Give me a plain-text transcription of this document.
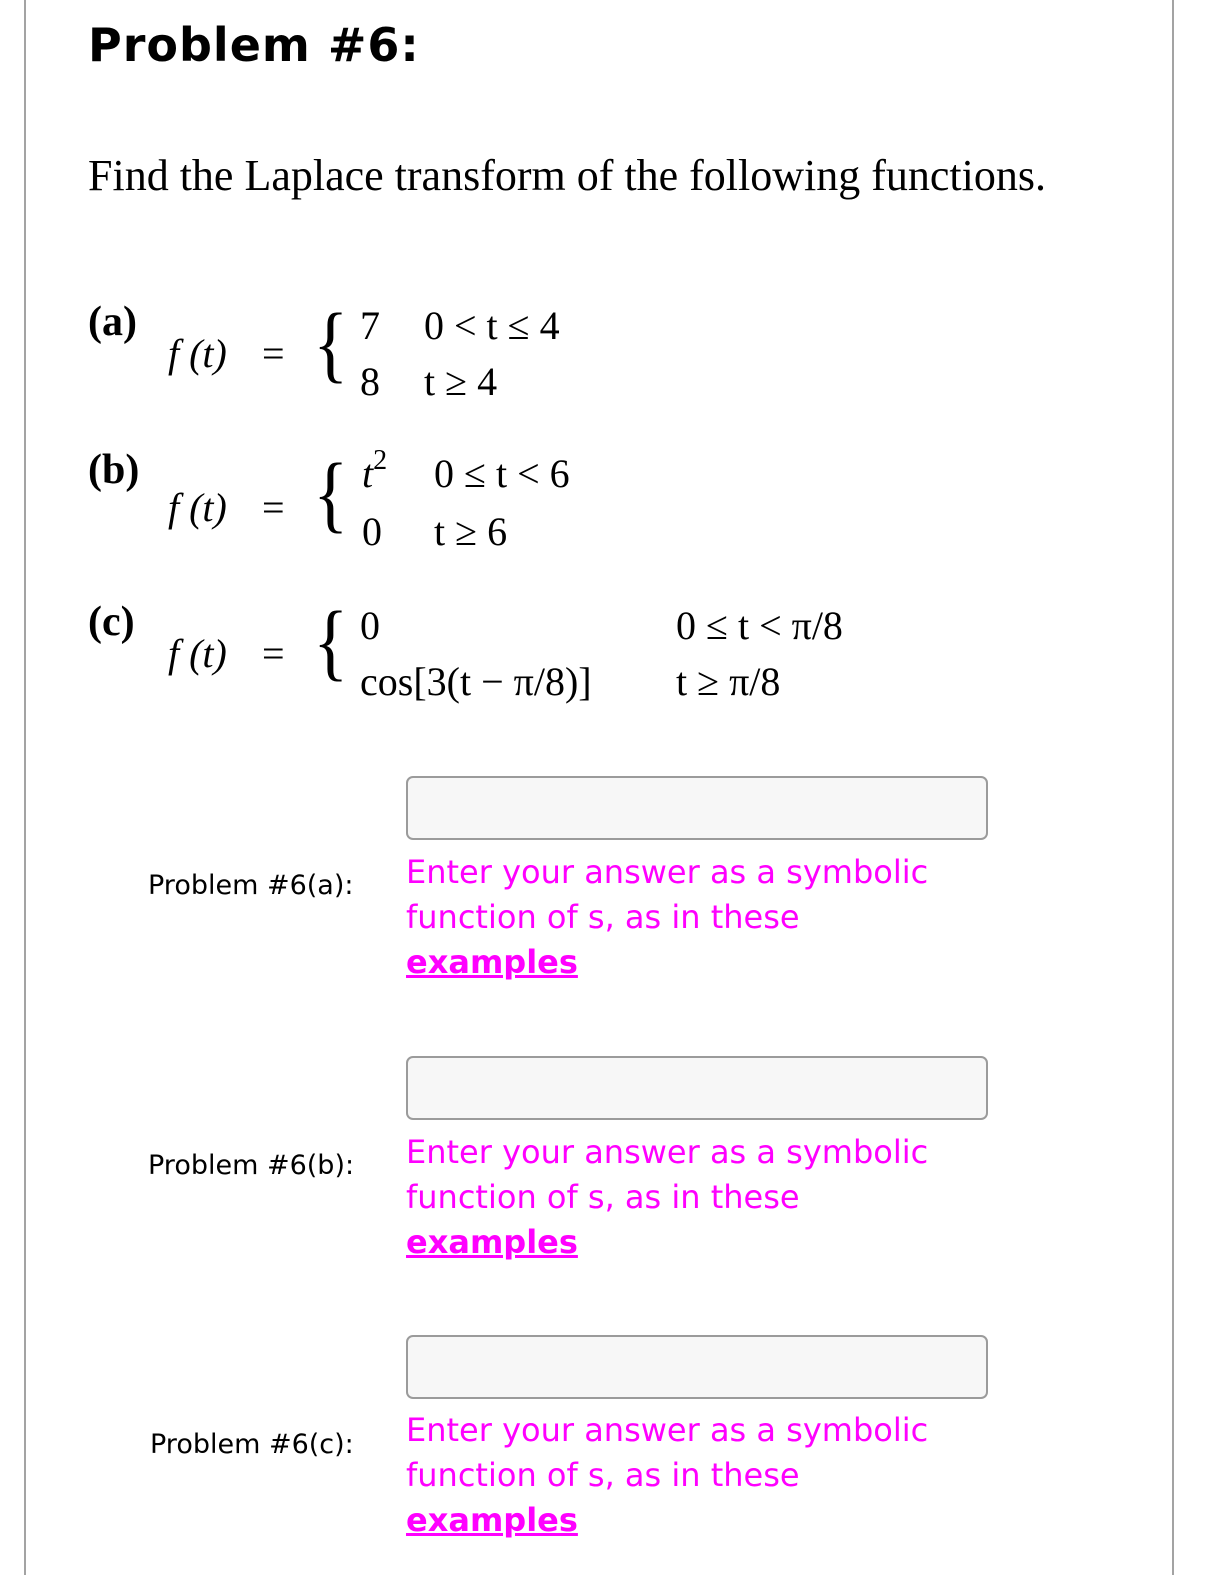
Problem #6:
Find the Laplace transform of the following functions.
(a)
f (t) = { 7 0 < t ≤ 4
8 t ≥ 4
(b)
f (t) = { $t^2$ 0 ≤ t < 6
0 t ≥ 6
(c)
f (t) = { 0	0 ≤ t < π/8
cos[3(t − π/8)] t ≥ π/8
Problem #6(a): Enter your answer as a symbolic function of s, as in these
examples
Problem #6(b): Enter your answer as a symbolic function of s, as in these
examples
Problem #6(c): Enter your answer as a symbolic function of s, as in these
examples
